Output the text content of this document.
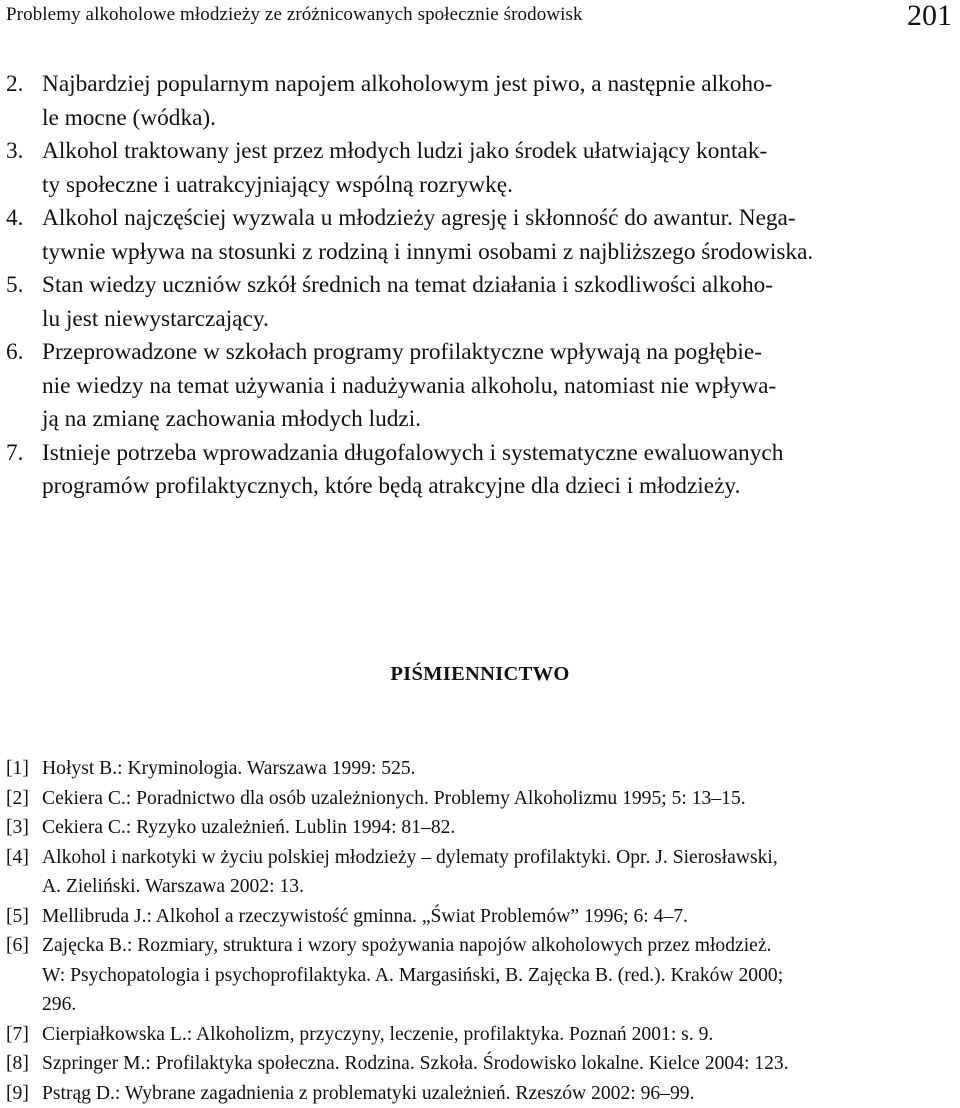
Problemy alkoholowe młodzieży ze zróżnicowanych społecznie środowisk	201
2. Najbardziej popularnym napojem alkoholowym jest piwo, a następnie alkoho-
le mocne (wódka).
3. Alkohol traktowany jest przez młodych ludzi jako środek ułatwiający kontak-
ty społeczne i uatrakcyjniający wspólną rozrywkę.
4. Alkohol najczęściej wyzwala u młodzieży agresję i skłonność do awantur. Nega-
tywnie wpływa na stosunki z rodziną i innymi osobami z najbliższego środowiska.
5. Stan wiedzy uczniów szkół średnich na temat działania i szkodliwości alkoho-
lu jest niewystarczający.
6. Przeprowadzone w szkołach programy profilaktyczne wpływają na pogłębie-
nie wiedzy na temat używania i nadużywania alkoholu, natomiast nie wpływa-
ją na zmianę zachowania młodych ludzi.
7. Istnieje potrzeba wprowadzania długofalowych i systematyczne ewaluowanych
programów profilaktycznych, które będą atrakcyjne dla dzieci i młodzieży.
PIŚMIENNICTWO
[1] Hołyst B.: Kryminologia. Warszawa 1999: 525.
[2] Cekiera C.: Poradnictwo dla osób uzależnionych. Problemy Alkoholizmu 1995; 5: 13–15.
[3] Cekiera C.: Ryzyko uzależnień. Lublin 1994: 81–82.
[4] Alkohol i narkotyki w życiu polskiej młodzieży – dylematy profilaktyki. Opr. J. Sierosławski,
A. Zieliński. Warszawa 2002: 13.
[5] Mellibruda J.: Alkohol a rzeczywistość gminna. „Świat Problemów” 1996; 6: 4–7.
[6] Zajęcka B.: Rozmiary, struktura i wzory spożywania napojów alkoholowych przez młodzież.
W: Psychopatologia i psychoprofilaktyka. A. Margasiński, B. Zajęcka B. (red.). Kraków 2000;
296.
[7] Cierpiałkowska L.: Alkoholizm, przyczyny, leczenie, profilaktyka. Poznań 2001: s. 9.
[8] Szpringer M.: Profilaktyka społeczna. Rodzina. Szkoła. Środowisko lokalne. Kielce 2004: 123.
[9] Pstrąg D.: Wybrane zagadnienia z problematyki uzależnień. Rzeszów 2002: 96–99.
